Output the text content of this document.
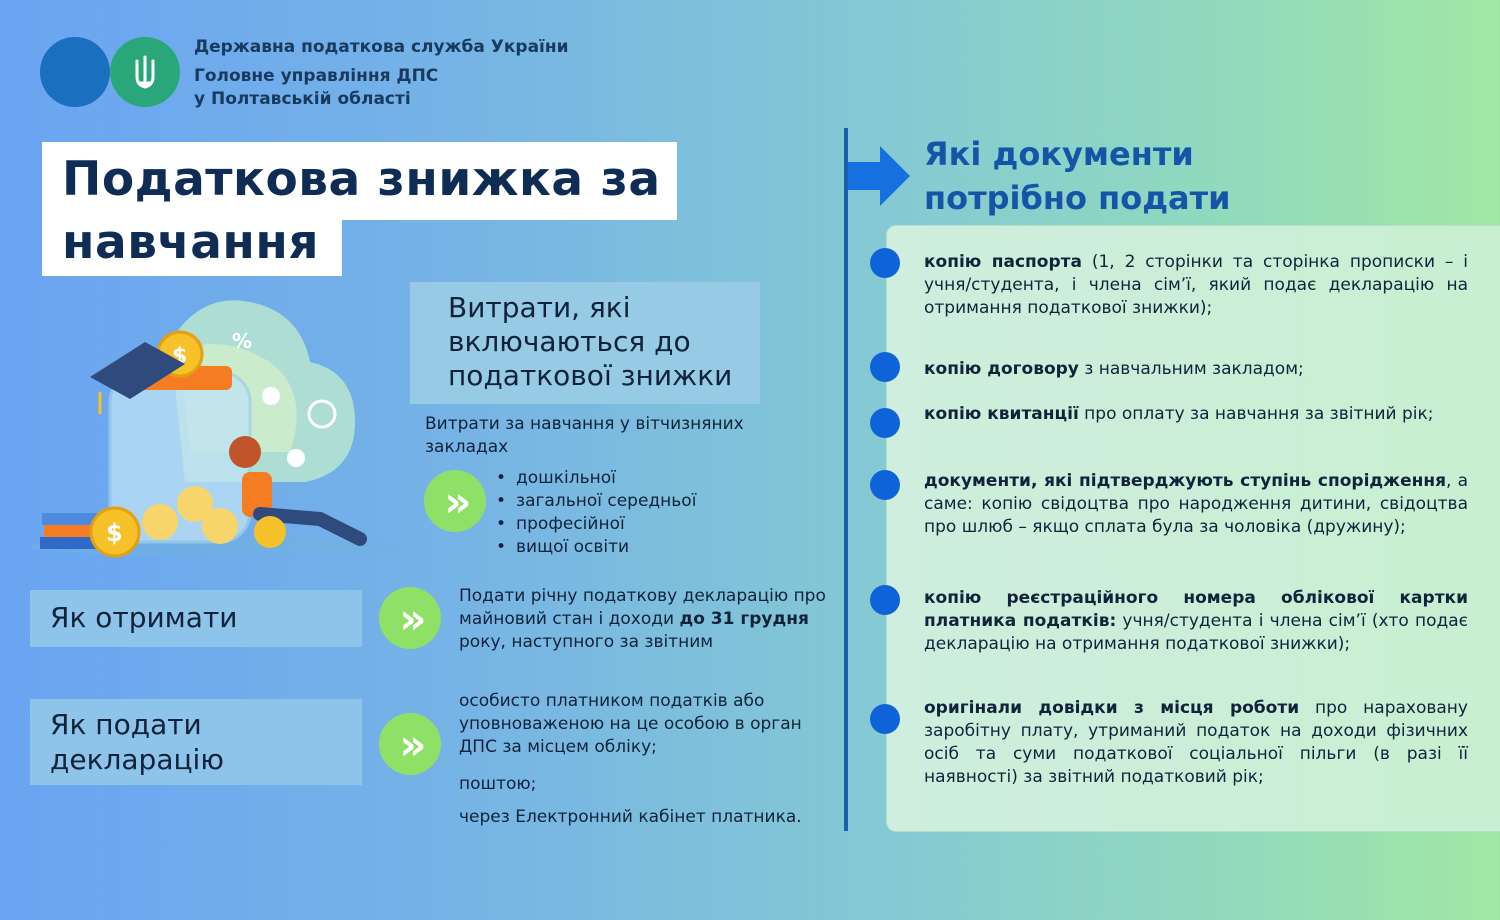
Державна податкова служба України
Головне управління ДПС
у Полтавській області
Податкова знижка за навчання
%
$
$
Витрати, які включаються до податкової знижки
Витрати за навчання у вітчизняних закладах
»
•	дошкільної
• загальної середньої
• професійної
• вищої освіти
Як отримати	»	Подати річну податкову декларацію про майновий стан і доходи до 31 грудня року, наступного за звітним
Як подати декларацію	»
особисто платником податків або уповноваженою на це особою в орган ДПС за місцем обліку;
поштою;
через Електронний кабінет платника.
Які документи потрібно подати
копію паспорта (1, 2 сторінки та сторінка прописки – і учня/студента, і члена сім’ї, який подає декларацію на отримання податкової знижки);
копію договору з навчальним закладом;
копію квитанції про оплату за навчання за звітний рік;
документи, які підтверджують ступінь спорідження, а саме: копію свідоцтва про народження дитини, свідоцтва про шлюб – якщо сплата була за чоловіка (дружину);
копію реєстраційного номера облікової картки платника податків: учня/студента і члена сім’ї (хто подає декларацію на отримання податкової знижки);
оригінали довідки з місця роботи про нараховану заробітну плату, утриманий податок на доходи фізичних осіб та суми податкової соціальної пільги (в разі її наявності) за звітний податковий рік;
